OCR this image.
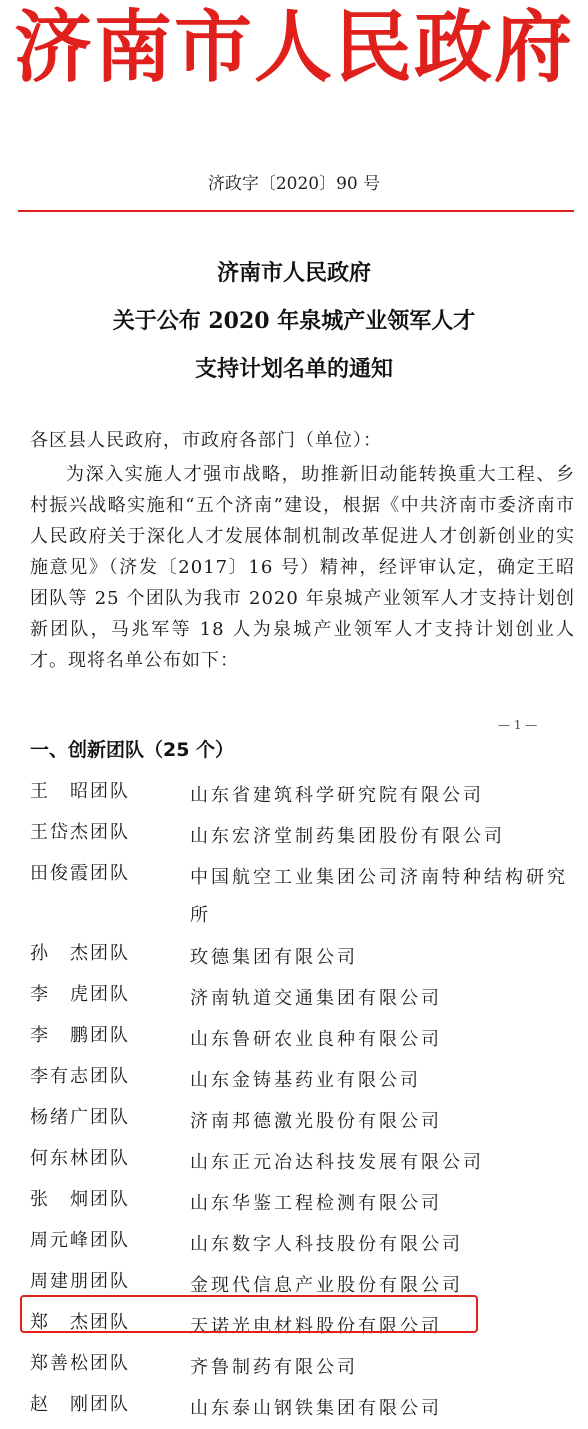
济南市人民政府
济政字〔2020〕90 号
济南市人民政府
关于公布 2020 年泉城产业领军人才
支持计划名单的通知
各区县人民政府，市政府各部门（单位）：
为深入实施人才强市战略，助推新旧动能转换重大工程、乡村振兴战略实施和“五个济南”建设，根据《中共济南市委济南市人民政府关于深化人才发展体制机制改革促进人才创新创业的实施意见》（济发〔2017〕16 号）精神，经评审认定，确定王昭团队等 25 个团队为我市 2020 年泉城产业领军人才支持计划创新团队，马兆军等 18 人为泉城产业领军人才支持计划创业人才。现将名单公布如下：
— 1 —
一、创新团队（25 个）
王　昭团队	山东省建筑科学研究院有限公司
王岱杰团队	山东宏济堂制药集团股份有限公司
田俊霞团队	中国航空工业集团公司济南特种结构研究所
孙　杰团队	玫德集团有限公司
李　虎团队	济南轨道交通集团有限公司
李　鹏团队	山东鲁研农业良种有限公司
李有志团队	山东金铸基药业有限公司
杨绪广团队	济南邦德激光股份有限公司
何东林团队	山东正元冶达科技发展有限公司
张　炯团队	山东华鉴工程检测有限公司
周元峰团队	山东数字人科技股份有限公司
周建朋团队	金现代信息产业股份有限公司
郑　杰团队	天诺光电材料股份有限公司
郑善松团队	齐鲁制药有限公司
赵　刚团队	山东泰山钢铁集团有限公司
